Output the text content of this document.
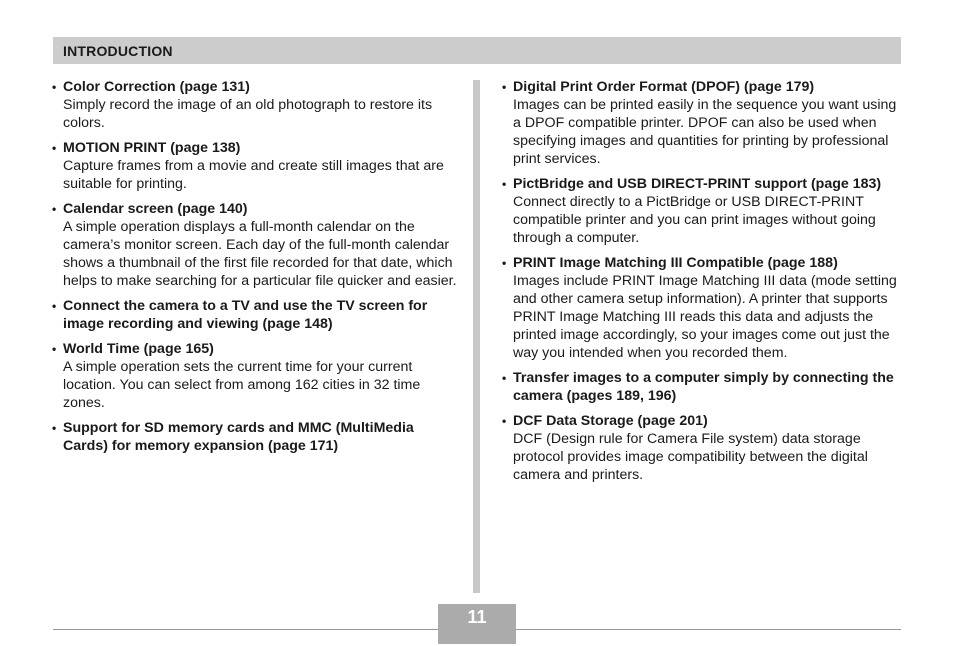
INTRODUCTION
• Color Correction (page 131)
Simply record the image of an old photograph to restore its colors.
• MOTION PRINT (page 138)
Capture frames from a movie and create still images that are suitable for printing.
• Calendar screen (page 140)
A simple operation displays a full-month calendar on the camera’s monitor screen. Each day of the full-month calendar shows a thumbnail of the first file recorded for that date, which helps to make searching for a particular file quicker and easier.
• Connect the camera to a TV and use the TV screen for image recording and viewing (page 148)
• World Time (page 165)
A simple operation sets the current time for your current location. You can select from among 162 cities in 32 time zones.
• Support for SD memory cards and MMC (MultiMedia Cards) for memory expansion (page 171)
• Digital Print Order Format (DPOF) (page 179)
Images can be printed easily in the sequence you want using a DPOF compatible printer. DPOF can also be used when specifying images and quantities for printing by professional print services.
• PictBridge and USB DIRECT-PRINT support (page 183)
Connect directly to a PictBridge or USB DIRECT-PRINT compatible printer and you can print images without going through a computer.
• PRINT Image Matching III Compatible (page 188)
Images include PRINT Image Matching III data (mode setting and other camera setup information). A printer that supports PRINT Image Matching III reads this data and adjusts the printed image accordingly, so your images come out just the way you intended when you recorded them.
• Transfer images to a computer simply by connecting the camera (pages 189, 196)
• DCF Data Storage (page 201)
DCF (Design rule for Camera File system) data storage protocol provides image compatibility between the digital camera and printers.
11
